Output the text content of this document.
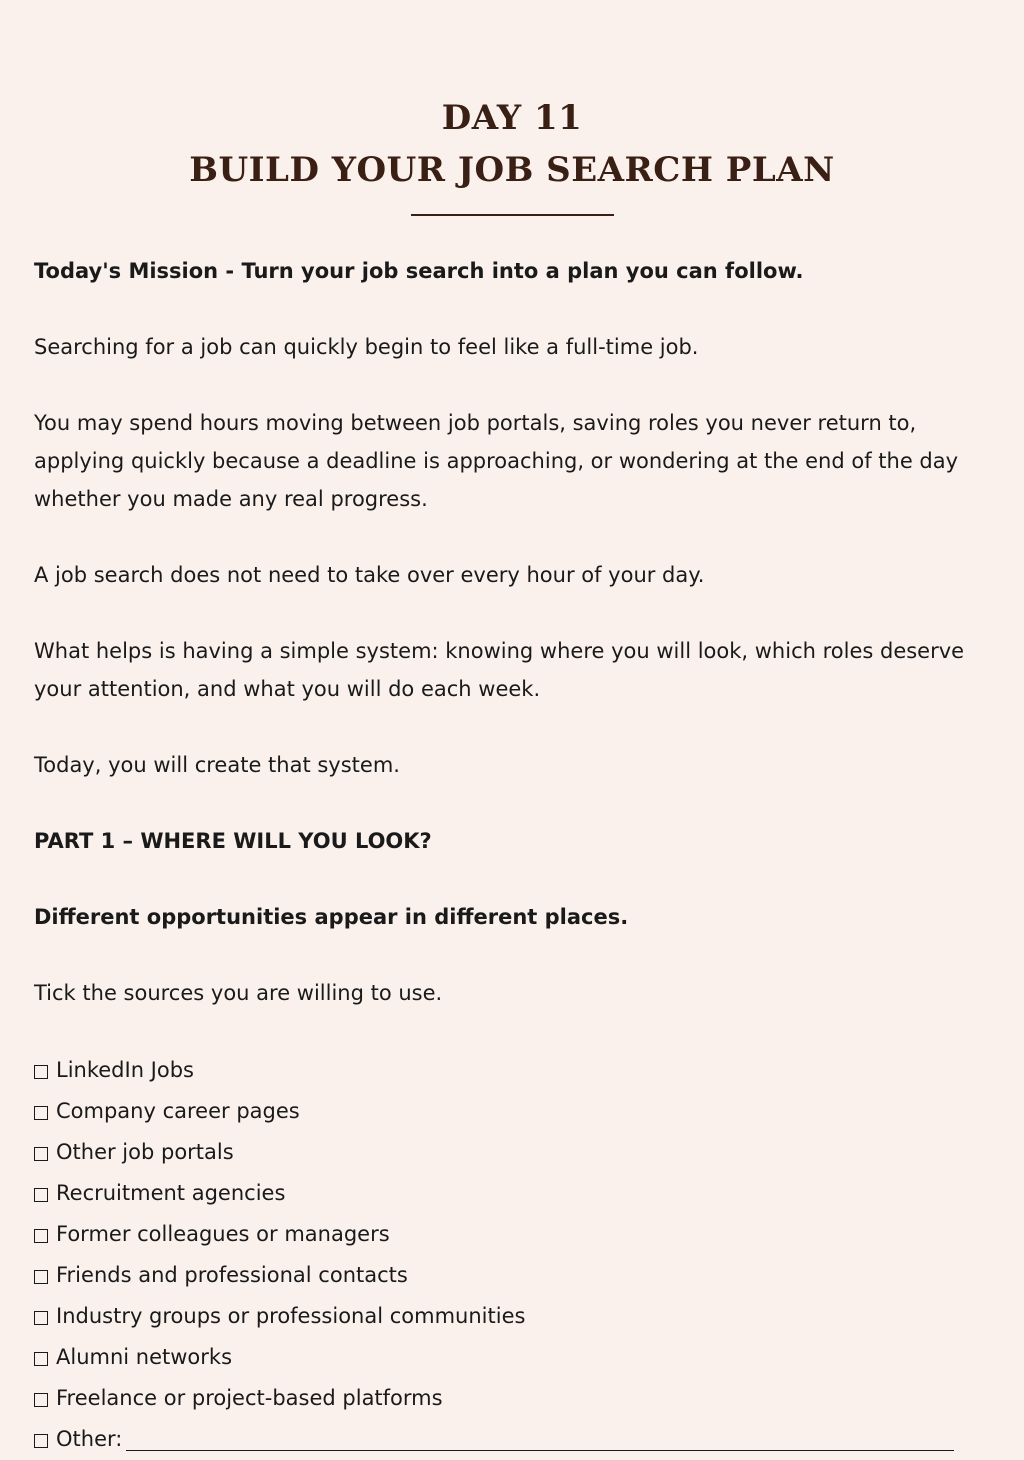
DAY 11
BUILD YOUR JOB SEARCH PLAN

Today's Mission - Turn your job search into a plan you can follow.

Searching for a job can quickly begin to feel like a full-time job.

You may spend hours moving between job portals, saving roles you never return to, applying quickly because a deadline is approaching, or wondering at the end of the day whether you made any real progress.

A job search does not need to take over every hour of your day.

What helps is having a simple system: knowing where you will look, which roles deserve your attention, and what you will do each week.

Today, you will create that system.

PART 1 – WHERE WILL YOU LOOK?

Different opportunities appear in different places.

Tick the sources you are willing to use.

LinkedIn Jobs
Company career pages
Other job portals
Recruitment agencies
Former colleagues or managers
Friends and professional contacts
Industry groups or professional communities
Alumni networks
Freelance or project-based platforms
Other:
